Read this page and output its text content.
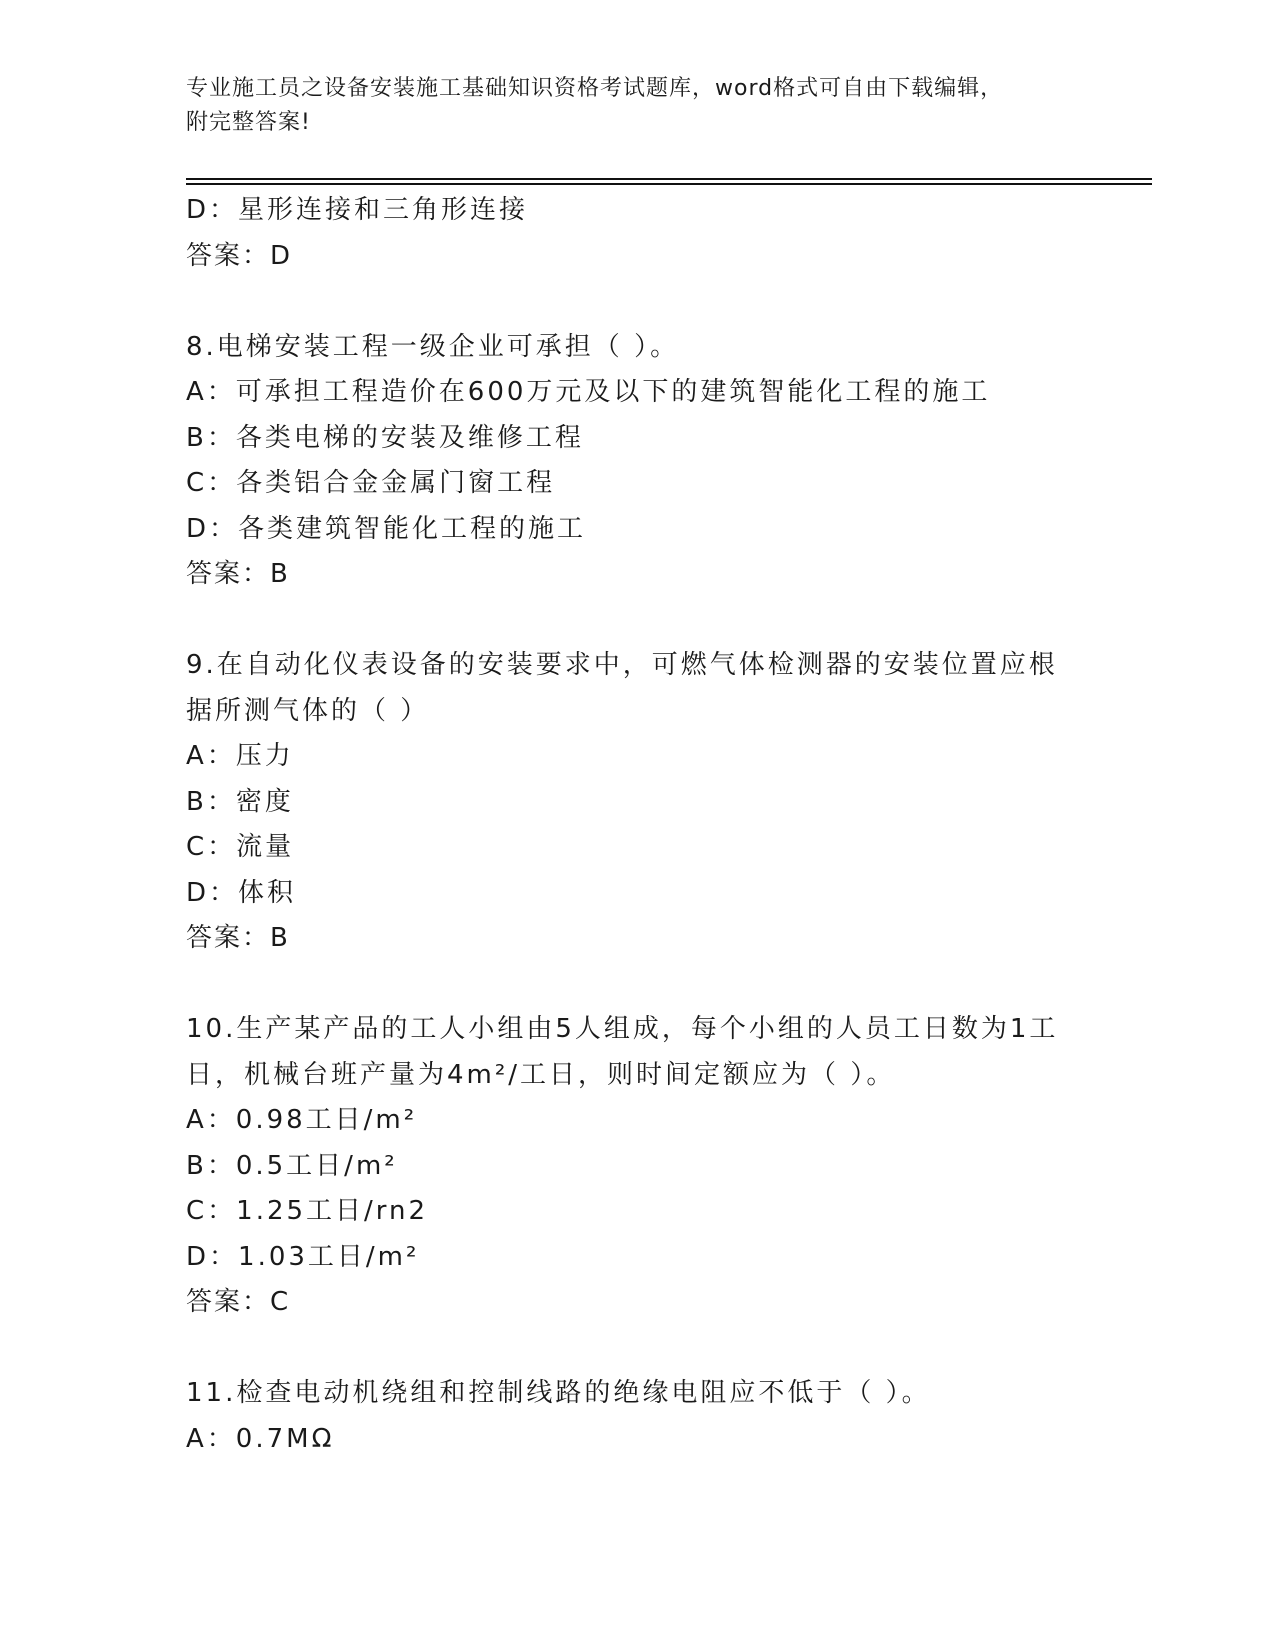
专业施工员之设备安装施工基础知识资格考试题库，word格式可自由下载编辑，
附完整答案!
D：星形连接和三角形连接
答案：D
8.电梯安装工程一级企业可承担（ ）。
A：可承担工程造价在600万元及以下的建筑智能化工程的施工
B：各类电梯的安装及维修工程
C：各类铝合金金属门窗工程
D：各类建筑智能化工程的施工
答案：B
9.在自动化仪表设备的安装要求中，可燃气体检测器的安装位置应根
据所测气体的（ ）
A：压力
B：密度
C：流量
D：体积
答案：B
10.生产某产品的工人小组由5人组成，每个小组的人员工日数为1工
日，机械台班产量为4m²/工日，则时间定额应为（ ）。
A：0.98工日/m²
B：0.5工日/m²
C：1.25工日/rn2
D：1.03工日/m²
答案：C
11.检查电动机绕组和控制线路的绝缘电阻应不低于（ ）。
A：0.7MΩ
